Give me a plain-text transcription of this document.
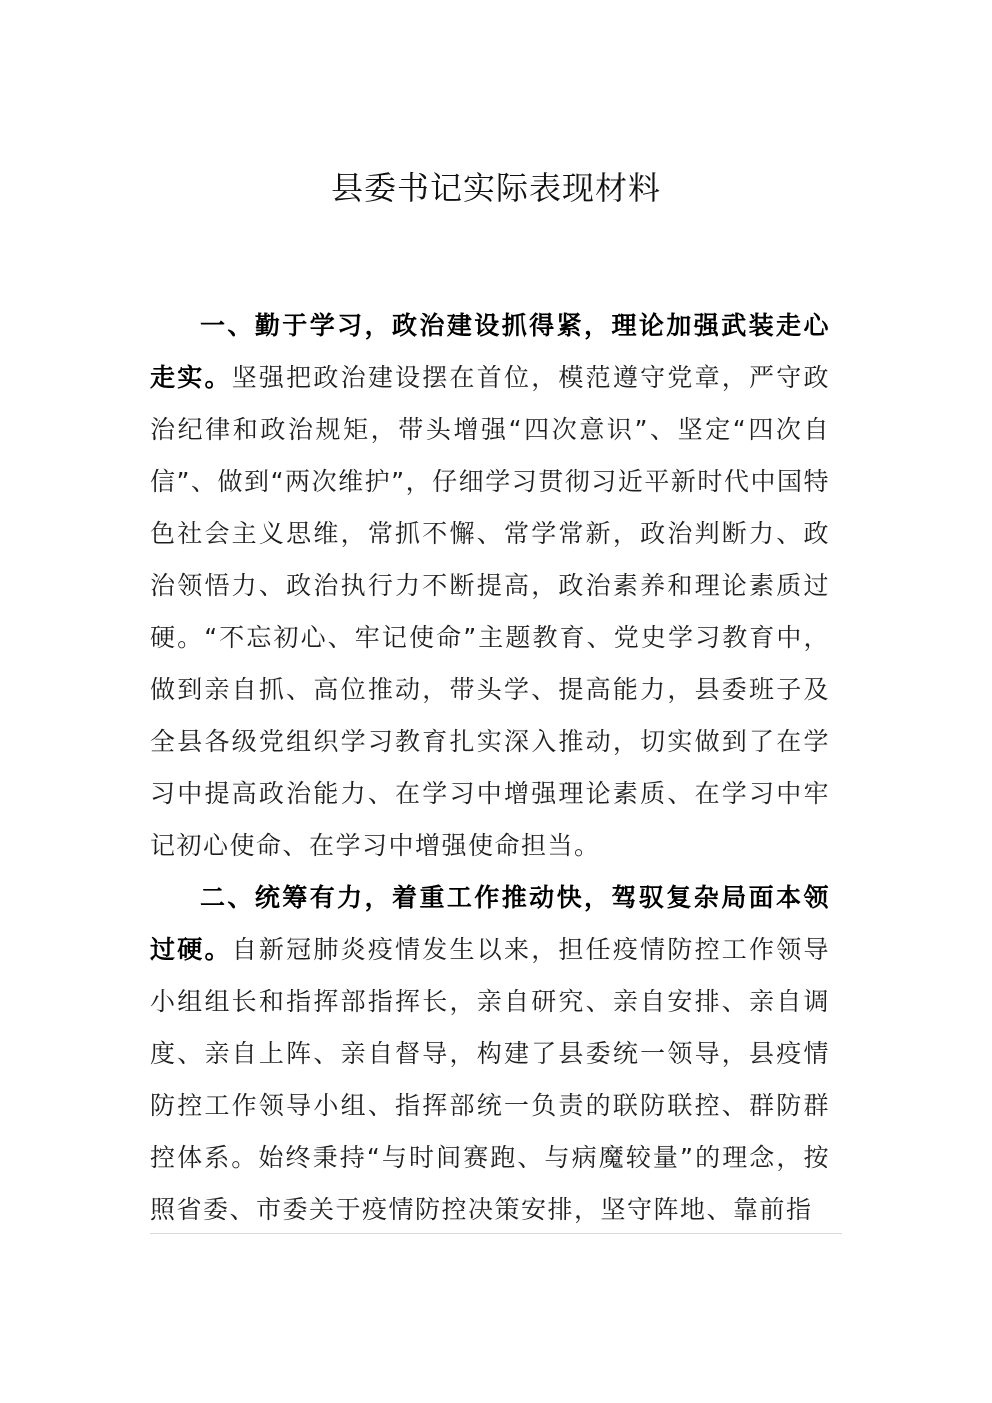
县委书记实际表现材料

一、勤于学习，政治建设抓得紧，理论加强武装走心走实。坚强把政治建设摆在首位，模范遵守党章，严守政治纪律和政治规矩，带头增强“四次意识”、坚定“四次自信”、做到“两次维护”，仔细学习贯彻习近平新时代中国特色社会主义思维，常抓不懈、常学常新，政治判断力、政治领悟力、政治执行力不断提高，政治素养和理论素质过硬。“不忘初心、牢记使命”主题教育、党史学习教育中，做到亲自抓、高位推动，带头学、提高能力，县委班子及全县各级党组织学习教育扎实深入推动，切实做到了在学习中提高政治能力、在学习中增强理论素质、在学习中牢记初心使命、在学习中增强使命担当。

二、统筹有力，着重工作推动快，驾驭复杂局面本领过硬。自新冠肺炎疫情发生以来，担任疫情防控工作领导小组组长和指挥部指挥长，亲自研究、亲自安排、亲自调度、亲自上阵、亲自督导，构建了县委统一领导，县疫情防控工作领导小组、指挥部统一负责的联防联控、群防群控体系。始终秉持“与时间赛跑、与病魔较量”的理念，按照省委、市委关于疫情防控决策安排，坚守阵地、靠前指
